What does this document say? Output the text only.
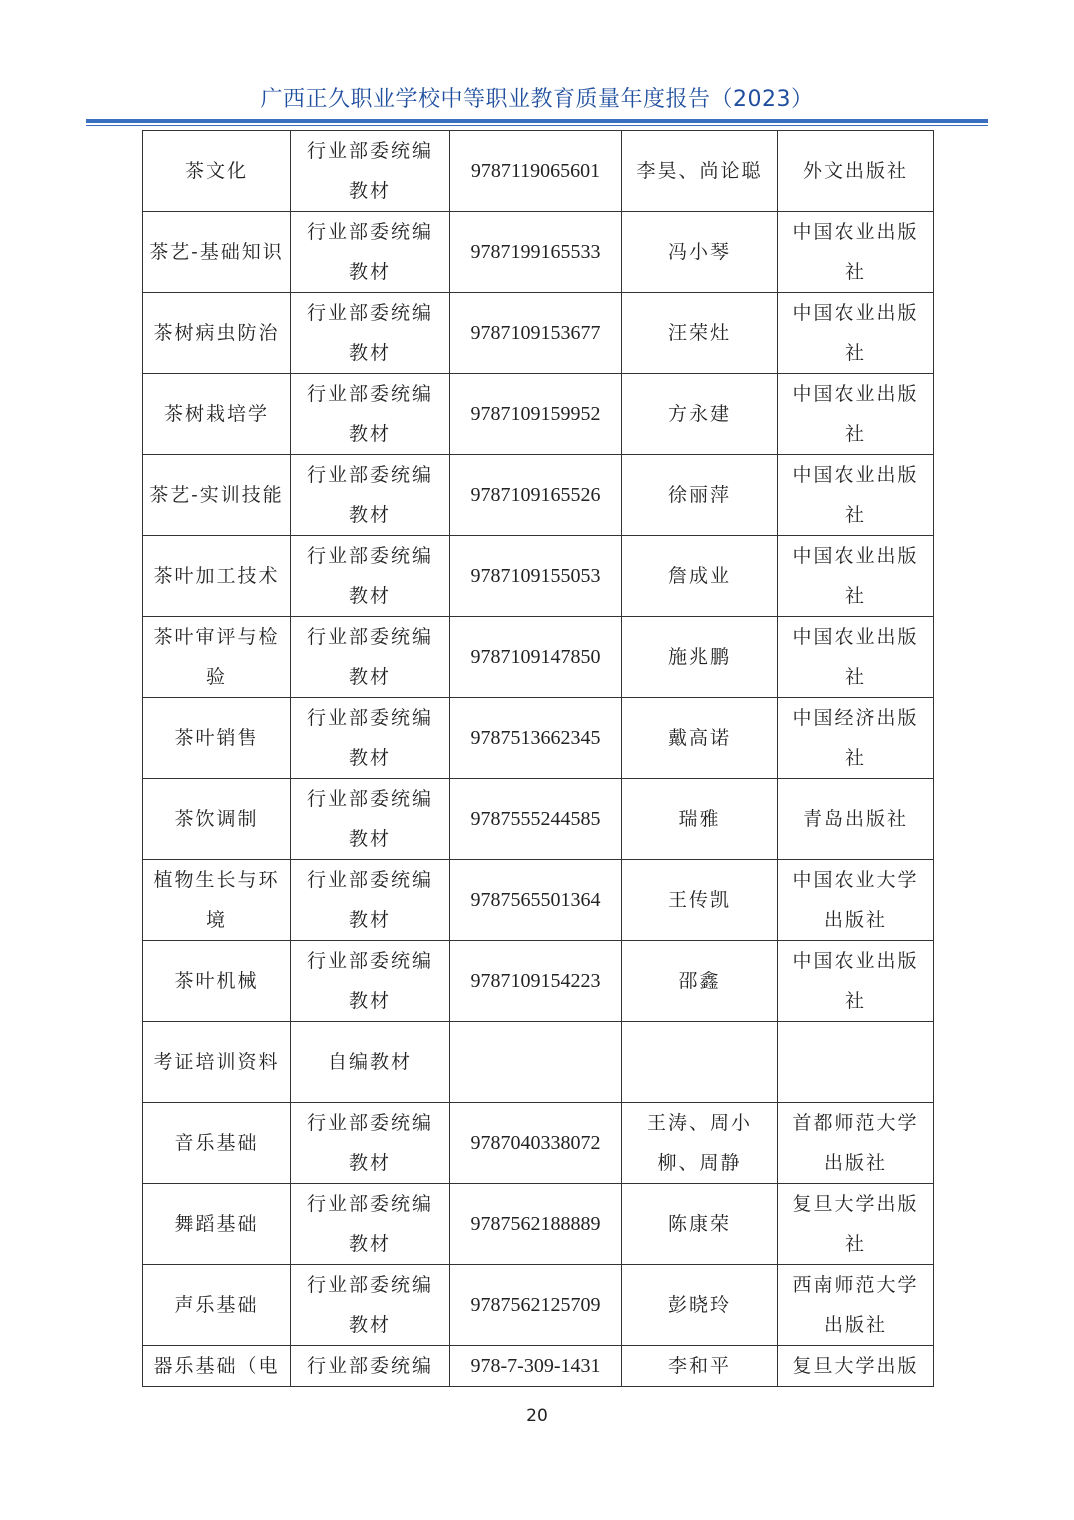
广西正久职业学校中等职业教育质量年度报告（2023）
茶文化	行业部委统编教材	9787119065601	李昊、尚论聪	外文出版社
茶艺-基础知识	行业部委统编教材	9787199165533	冯小琴	中国农业出版社
茶树病虫防治	行业部委统编教材	9787109153677	汪荣灶	中国农业出版社
茶树栽培学	行业部委统编教材	9787109159952	方永建	中国农业出版社
茶艺-实训技能	行业部委统编教材	9787109165526	徐丽萍	中国农业出版社
茶叶加工技术	行业部委统编教材	9787109155053	詹成业	中国农业出版社
茶叶审评与检验	行业部委统编教材	9787109147850	施兆鹏	中国农业出版社
茶叶销售	行业部委统编教材	9787513662345	戴高诺	中国经济出版社
茶饮调制	行业部委统编教材	9787555244585	瑞雅	青岛出版社
植物生长与环境	行业部委统编教材	9787565501364	王传凯	中国农业大学出版社
茶叶机械	行业部委统编教材	9787109154223	邵鑫	中国农业出版社
考证培训资料	自编教材			
音乐基础	行业部委统编教材	9787040338072	王涛、周小柳、周静	首都师范大学出版社
舞蹈基础	行业部委统编教材	9787562188889	陈康荣	复旦大学出版社
声乐基础	行业部委统编教材	9787562125709	彭晓玲	西南师范大学出版社
器乐基础（电	行业部委统编	978-7-309-1431	李和平	复旦大学出版
20
